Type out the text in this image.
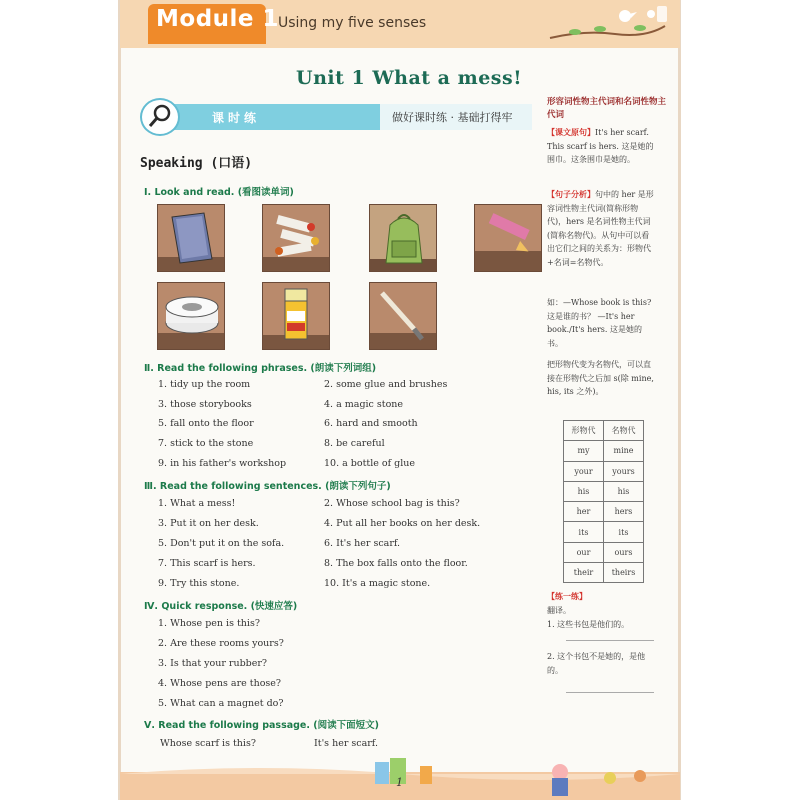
Module 1
Using my five senses
Unit 1 What a mess!
课时练	做好课时练 · 基础打得牢
Speaking (口语)
Ⅰ. Look and read. (看图读单词)
Ⅱ. Read the following phrases. (朗读下列词组)
1. tidy up the room
3. those storybooks
5. fall onto the floor
7. stick to the stone
9. in his father's workshop
2. some glue and brushes
4. a magic stone
6. hard and smooth
8. be careful
10. a bottle of glue
Ⅲ. Read the following sentences. (朗读下列句子)
1. What a mess!
3. Put it on her desk.
5. Don't put it on the sofa.
7. This scarf is hers.
9. Try this stone.
2. Whose school bag is this?
4. Put all her books on her desk.
6. It's her scarf.
8. The box falls onto the floor.
10. It's a magic stone.
Ⅳ. Quick response. (快速应答)
1. Whose pen is this?
2. Are these rooms yours?
3. Is that your rubber?
4. Whose pens are those?
5. What can a magnet do?
Ⅴ. Read the following passage. (阅读下面短文)
Whose scarf is this?	It's her scarf.
形容词性物主代词和名词性物主代词
【课文原句】It's her scarf. This scarf is hers. 这是她的围巾。这条围巾是她的。
【句子分析】句中的 her 是形容词性物主代词(简称形物代)，hers 是名词性物主代词(简称名物代)。从句中可以看出它们之间的关系为：形物代+名词=名物代。
如：—Whose book is this? 这是谁的书？ —It's her book./It's hers. 这是她的书。
把形物代变为名物代，可以直接在形物代之后加 s(除 mine, his, its 之外)。
形物代	名物代
my	mine
your	yours
his	his
her	hers
its	its
our	ours
their	theirs
【练一练】
翻译。
1. 这些书包是他们的。
2. 这个书包不是她的，是他的。
1
